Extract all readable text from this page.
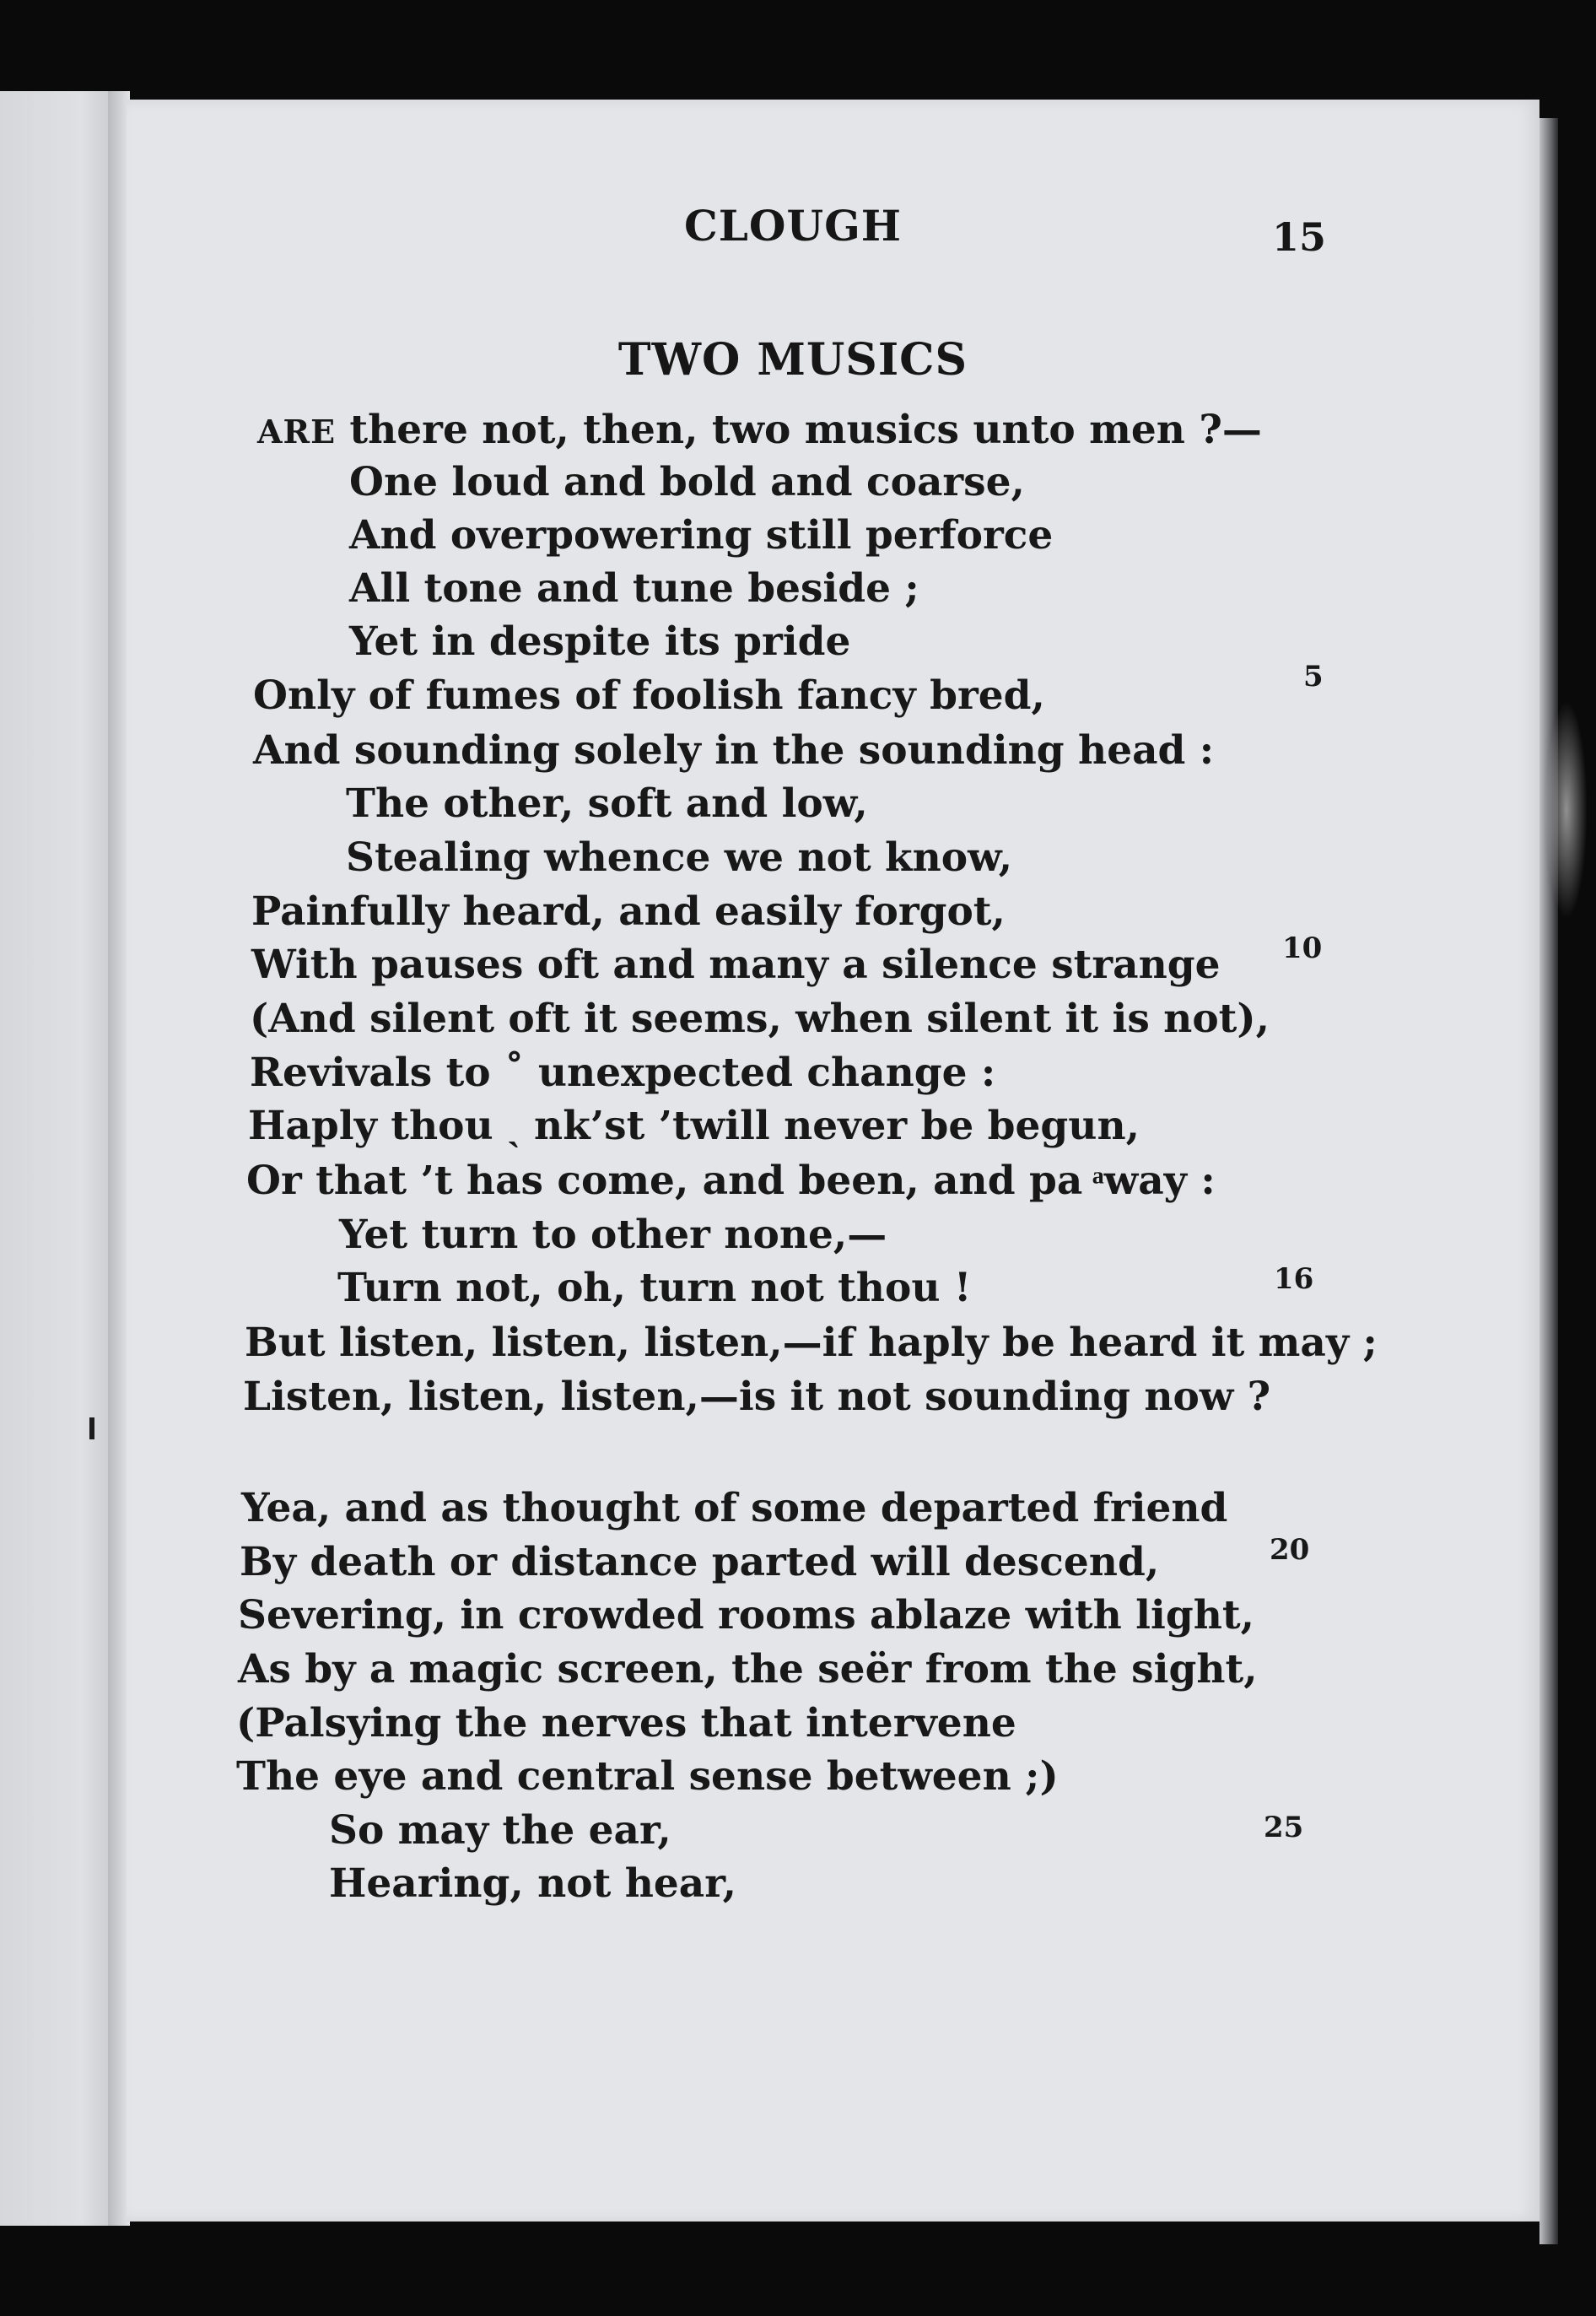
CLOUGH	15
TWO MUSICS
ARE there not, then, two musics unto men ?—
One loud and bold and coarse,
And overpowering still perforce
All tone and tune beside ;
Yet in despite its pride
Only of fumes of foolish fancy bred,
And sounding solely in the sounding head :
The other, soft and low,
Stealing whence we not know,
Painfully heard, and easily forgot,
With pauses oft and many a silence strange
(And silent oft it seems, when silent it is not),
Revivals to ˚ unexpected change :
Haply thou ˎ nk’st ’twill never be begun,
Or that ’t has come, and been, and pa ͣway :
Yet turn to other none,—
Turn not, oh, turn not thou !
But listen, listen, listen,—if haply be heard it may ;
Listen, listen, listen,—is it not sounding now ?
Yea, and as thought of some departed friend
By death or distance parted will descend,
Severing, in crowded rooms ablaze with light,
As by a magic screen, the seër from the sight,
(Palsying the nerves that intervene
The eye and central sense between ;)
So may the ear,
Hearing, not hear,
5
10
16
20
25
